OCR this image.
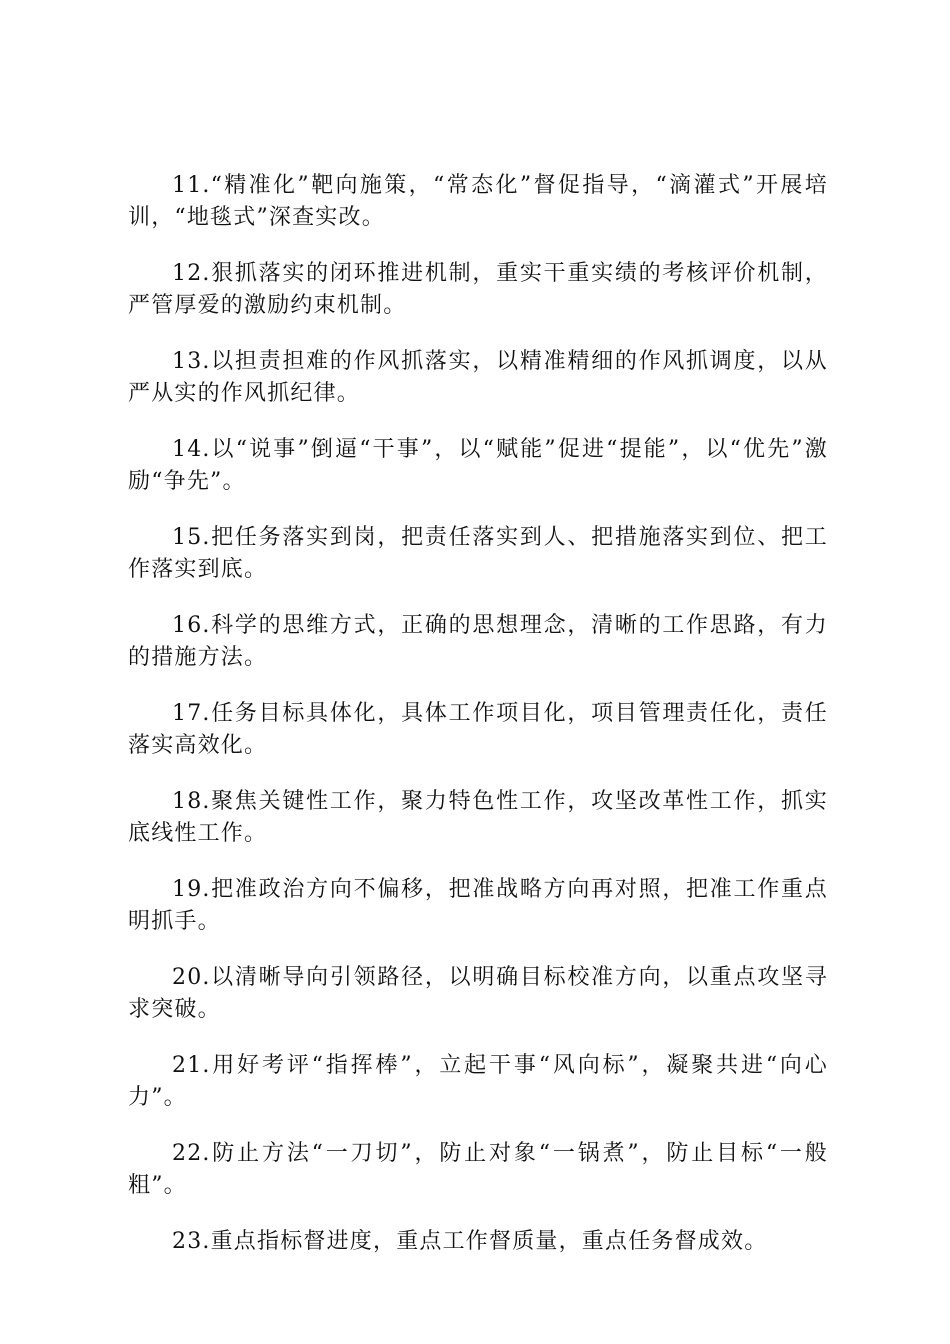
11.“精准化”靶向施策，“常态化”督促指导，“滴灌式”开展培训，“地毯式”深查实改。

12.狠抓落实的闭环推进机制，重实干重实绩的考核评价机制，严管厚爱的激励约束机制。

13.以担责担难的作风抓落实，以精准精细的作风抓调度，以从严从实的作风抓纪律。

14.以“说事”倒逼“干事”，以“赋能”促进“提能”，以“优先”激励“争先”。

15.把任务落实到岗，把责任落实到人、把措施落实到位、把工作落实到底。

16.科学的思维方式，正确的思想理念，清晰的工作思路，有力的措施方法。

17.任务目标具体化，具体工作项目化，项目管理责任化，责任落实高效化。

18.聚焦关键性工作，聚力特色性工作，攻坚改革性工作，抓实底线性工作。

19.把准政治方向不偏移，把准战略方向再对照，把准工作重点明抓手。

20.以清晰导向引领路径，以明确目标校准方向，以重点攻坚寻求突破。

21.用好考评“指挥棒”，立起干事“风向标”，凝聚共进“向心力”。

22.防止方法“一刀切”，防止对象“一锅煮”，防止目标“一般粗”。

23.重点指标督进度，重点工作督质量，重点任务督成效。
